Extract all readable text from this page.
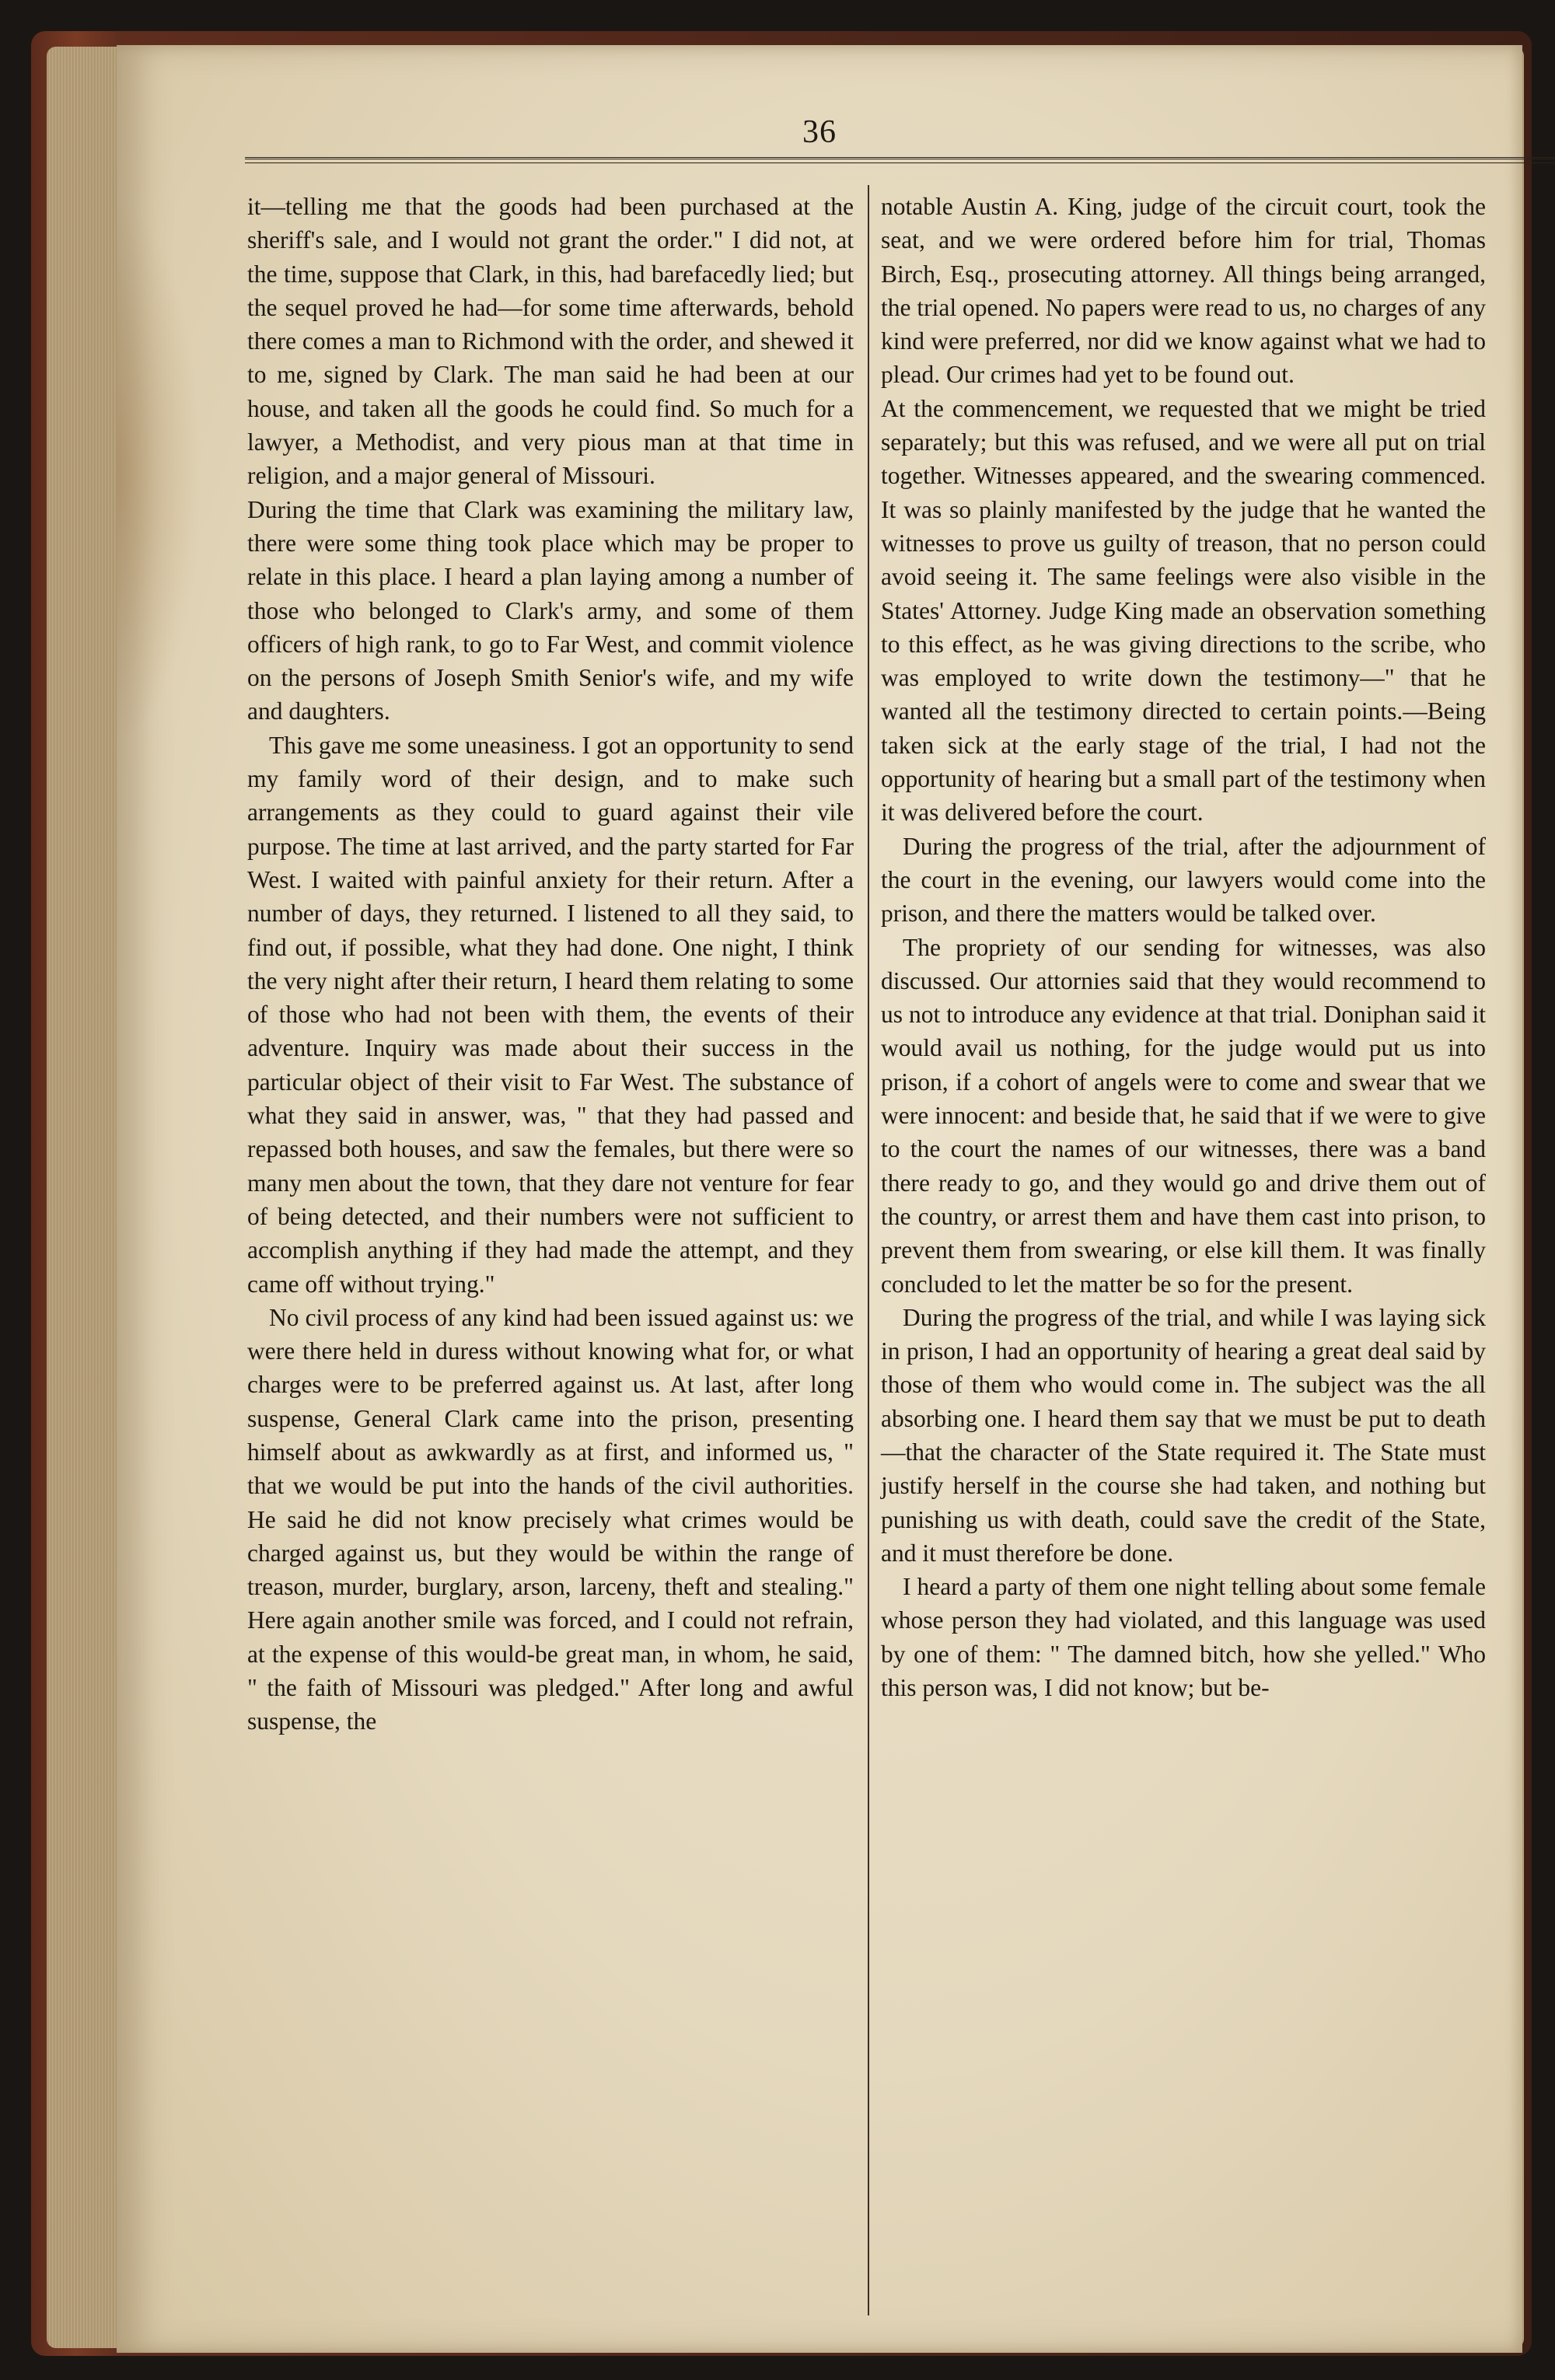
36

it—telling me that the goods had been purchased at the sheriff's sale, and I would not grant the order." I did not, at the time, suppose that Clark, in this, had barefacedly lied; but the sequel proved he had—for some time afterwards, behold there comes a man to Richmond with the order, and shewed it to me, signed by Clark. The man said he had been at our house, and taken all the goods he could find. So much for a lawyer, a Methodist, and very pious man at that time in religion, and a major general of Missouri.

During the time that Clark was examining the military law, there were some thing took place which may be proper to relate in this place. I heard a plan laying among a number of those who belonged to Clark's army, and some of them officers of high rank, to go to Far West, and commit violence on the persons of Joseph Smith Senior's wife, and my wife and daughters.

This gave me some uneasiness. I got an opportunity to send my family word of their design, and to make such arrangements as they could to guard against their vile purpose. The time at last arrived, and the party started for Far West. I waited with painful anxiety for their return. After a number of days, they returned. I listened to all they said, to find out, if possible, what they had done. One night, I think the very night after their return, I heard them relating to some of those who had not been with them, the events of their adventure. Inquiry was made about their success in the particular object of their visit to Far West. The substance of what they said in answer, was, " that they had passed and repassed both houses, and saw the females, but there were so many men about the town, that they dare not venture for fear of being detected, and their numbers were not sufficient to accomplish anything if they had made the attempt, and they came off without trying."

No civil process of any kind had been issued against us: we were there held in duress without knowing what for, or what charges were to be preferred against us. At last, after long suspense, General Clark came into the prison, presenting himself about as awkwardly as at first, and informed us, " that we would be put into the hands of the civil authorities. He said he did not know precisely what crimes would be charged against us, but they would be within the range of treason, murder, burglary, arson, larceny, theft and stealing." Here again another smile was forced, and I could not refrain, at the expense of this would-be great man, in whom, he said, " the faith of Missouri was pledged." After long and awful suspense, the

notable Austin A. King, judge of the circuit court, took the seat, and we were ordered before him for trial, Thomas Birch, Esq., prosecuting attorney. All things being arranged, the trial opened. No papers were read to us, no charges of any kind were preferred, nor did we know against what we had to plead. Our crimes had yet to be found out.

At the commencement, we requested that we might be tried separately; but this was refused, and we were all put on trial together. Witnesses appeared, and the swearing commenced. It was so plainly manifested by the judge that he wanted the witnesses to prove us guilty of treason, that no person could avoid seeing it. The same feelings were also visible in the States' Attorney. Judge King made an observation something to this effect, as he was giving directions to the scribe, who was employed to write down the testimony—" that he wanted all the testimony directed to certain points.—Being taken sick at the early stage of the trial, I had not the opportunity of hearing but a small part of the testimony when it was delivered before the court.

During the progress of the trial, after the adjournment of the court in the evening, our lawyers would come into the prison, and there the matters would be talked over.

The propriety of our sending for witnesses, was also discussed. Our attornies said that they would recommend to us not to introduce any evidence at that trial. Doniphan said it would avail us nothing, for the judge would put us into prison, if a cohort of angels were to come and swear that we were innocent: and beside that, he said that if we were to give to the court the names of our witnesses, there was a band there ready to go, and they would go and drive them out of the country, or arrest them and have them cast into prison, to prevent them from swearing, or else kill them. It was finally concluded to let the matter be so for the present.

During the progress of the trial, and while I was laying sick in prison, I had an opportunity of hearing a great deal said by those of them who would come in. The subject was the all absorbing one. I heard them say that we must be put to death—that the character of the State required it. The State must justify herself in the course she had taken, and nothing but punishing us with death, could save the credit of the State, and it must therefore be done.

I heard a party of them one night telling about some female whose person they had violated, and this language was used by one of them: " The damned bitch, how she yelled." Who this person was, I did not know; but be-
